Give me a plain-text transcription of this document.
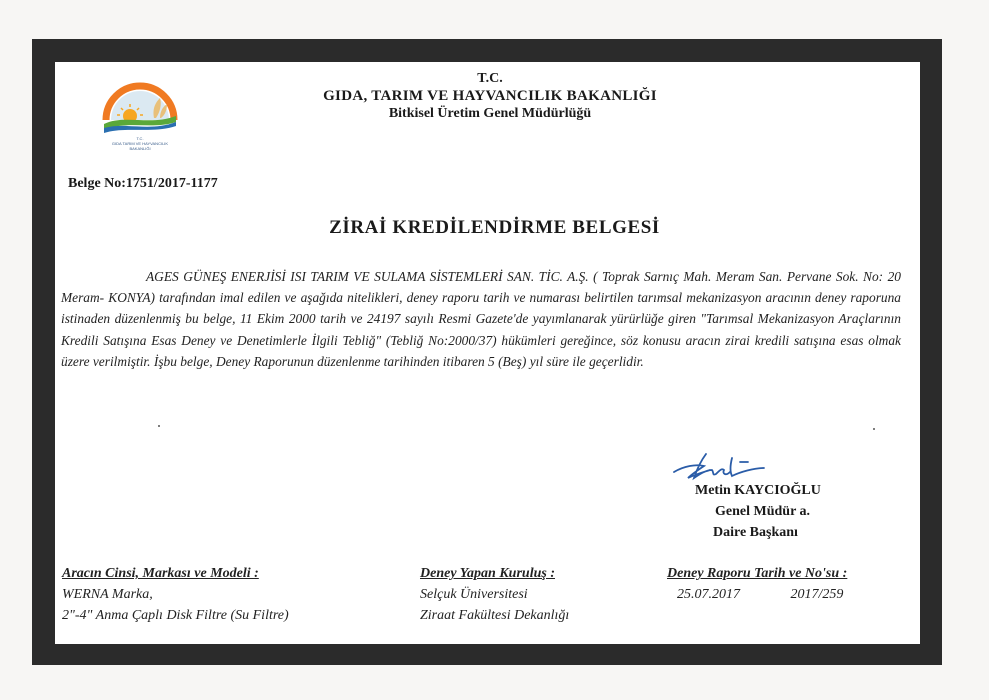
T.C.
GIDA TARIM VE HAYVANCILIK
BAKANLIĞI
T.C.
GIDA, TARIM VE HAYVANCILIK BAKANLIĞI
Bitkisel Üretim Genel Müdürlüğü
Belge No:1751/2017-1177
ZİRAİ KREDİLENDİRME BELGESİ
AGES GÜNEŞ ENERJİSİ ISI TARIM VE SULAMA SİSTEMLERİ SAN. TİC. A.Ş. ( Toprak Sarnıç Mah. Meram San. Pervane Sok. No: 20 Meram- KONYA) tarafından imal edilen ve aşağıda nitelikleri, deney raporu tarih ve numarası belirtilen tarımsal mekanizasyon aracının deney raporuna istinaden düzenlenmiş bu belge, 11 Ekim 2000 tarih ve 24197 sayılı Resmi Gazete'de yayımlanarak yürürlüğe giren "Tarımsal Mekanizasyon Araçlarının Kredili Satışına Esas Deney ve Denetimlerle İlgili Tebliğ" (Tebliğ No:2000/37) hükümleri gereğince, söz konusu aracın zirai kredili satışına esas olmak üzere verilmiştir. İşbu belge, Deney Raporunun düzenlenme tarihinden itibaren 5 (Beş) yıl süre ile geçerlidir.
Metin KAYCIOĞLU
Genel Müdür a.
Daire Başkanı
Aracın Cinsi, Markası ve Modeli :
WERNA Marka,
2"-4" Anma Çaplı Disk Filtre (Su Filtre)
Deney Yapan Kuruluş :
Selçuk Üniversitesi
Ziraat Fakültesi Dekanlığı
Deney Raporu Tarih ve No'su :
25.07.2017	2017/259
